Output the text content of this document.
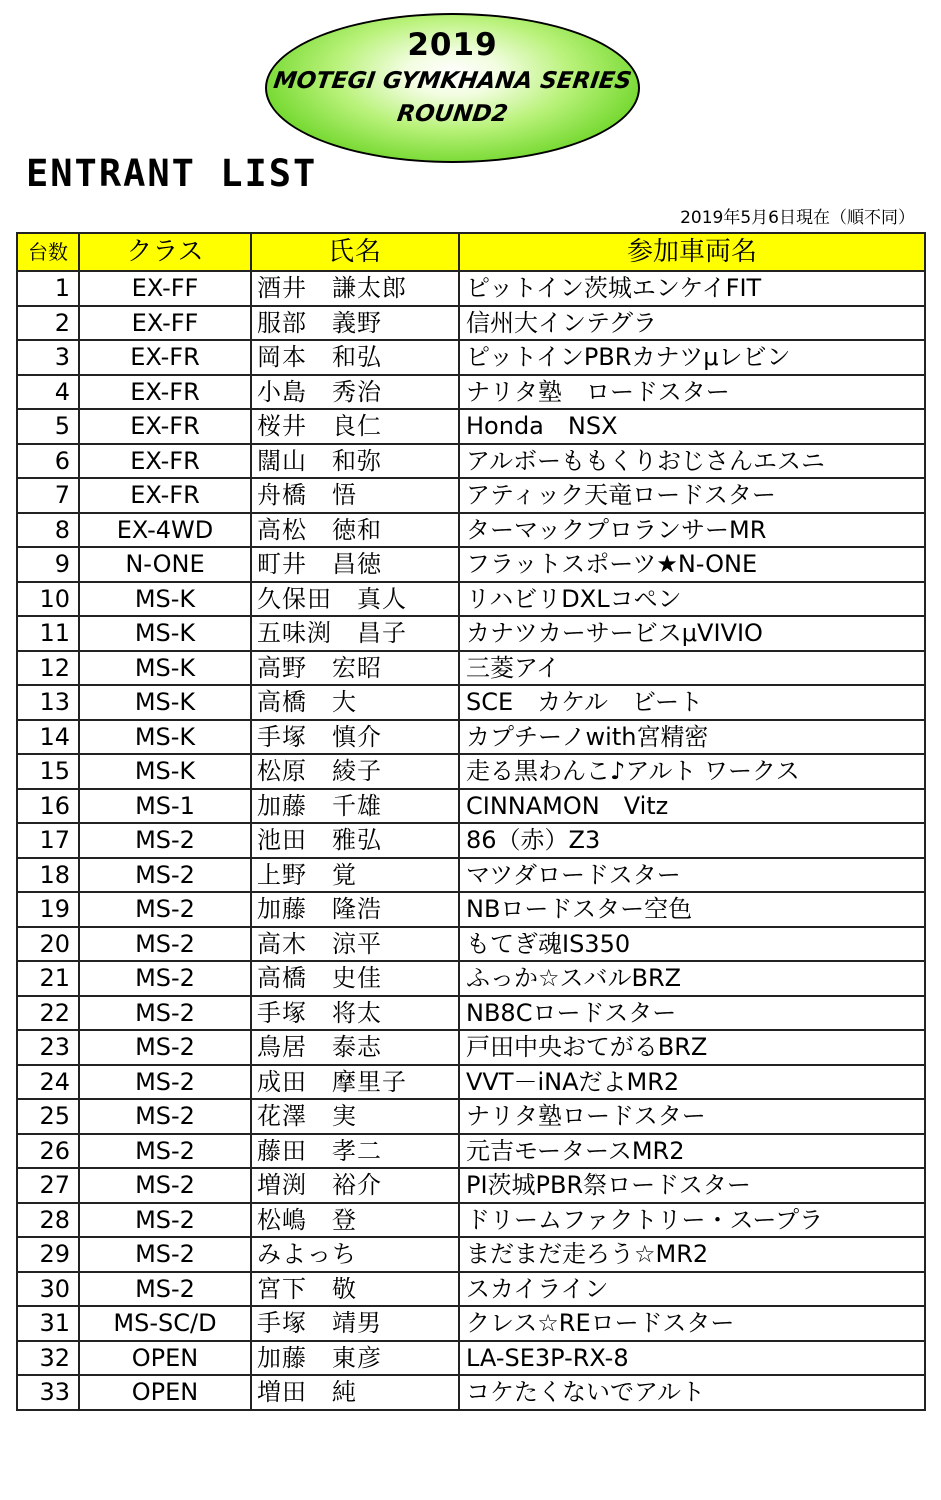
2019
MOTEGI GYMKHANA SERIES
ROUND2
ENTRANT LIST
2019年5月6日現在（順不同）
台数	クラス	氏名	参加車両名
1	EX-FF	酒井　謙太郎	ピットイン茨城エンケイFIT
2	EX-FF	服部　義野	信州大インテグラ
3	EX-FR	岡本　和弘	ピットインPBRカナツμレビン
4	EX-FR	小島　秀治	ナリタ塾　ロードスター
5	EX-FR	桜井　良仁	Honda　NSX
6	EX-FR	闊山　和弥	アルボーももくりおじさんエスニ
7	EX-FR	舟橋　悟	アティック天竜ロードスター
8	EX-4WD	高松　徳和	ターマックプロランサーMR
9	N-ONE	町井　昌徳	フラットスポーツ★N-ONE
10	MS-K	久保田　真人	リハビリDXLコペン
11	MS-K	五味渕　昌子	カナツカーサービスμVIVIO
12	MS-K	高野　宏昭	三菱アイ
13	MS-K	高橋　大	SCE　カケル　ビート
14	MS-K	手塚　慎介	カプチーノwith宮精密
15	MS-K	松原　綾子	走る黒わんこ♪アルト ワークス
16	MS-1	加藤　千雄	CINNAMON　Vitz
17	MS-2	池田　雅弘	86（赤）Z3
18	MS-2	上野　覚	マツダロードスター
19	MS-2	加藤　隆浩	NBロードスター空色
20	MS-2	高木　涼平	もてぎ魂IS350
21	MS-2	高橋　史佳	ふっか☆スバルBRZ
22	MS-2	手塚　将太	NB8Cロードスター
23	MS-2	鳥居　泰志	戸田中央おてがるBRZ
24	MS-2	成田　摩里子	VVT－iNAだよMR2
25	MS-2	花澤　実	ナリタ塾ロードスター
26	MS-2	藤田　孝二	元吉モータースMR2
27	MS-2	増渕　裕介	PI茨城PBR祭ロードスター
28	MS-2	松嶋　登	ドリームファクトリー・スープラ
29	MS-2	みよっち	まだまだ走ろう☆MR2
30	MS-2	宮下　敬	スカイライン
31	MS-SC/D	手塚　靖男	クレス☆REロードスター
32	OPEN	加藤　東彦	LA-SE3P-RX-8
33	OPEN	増田　純	コケたくないでアルト
